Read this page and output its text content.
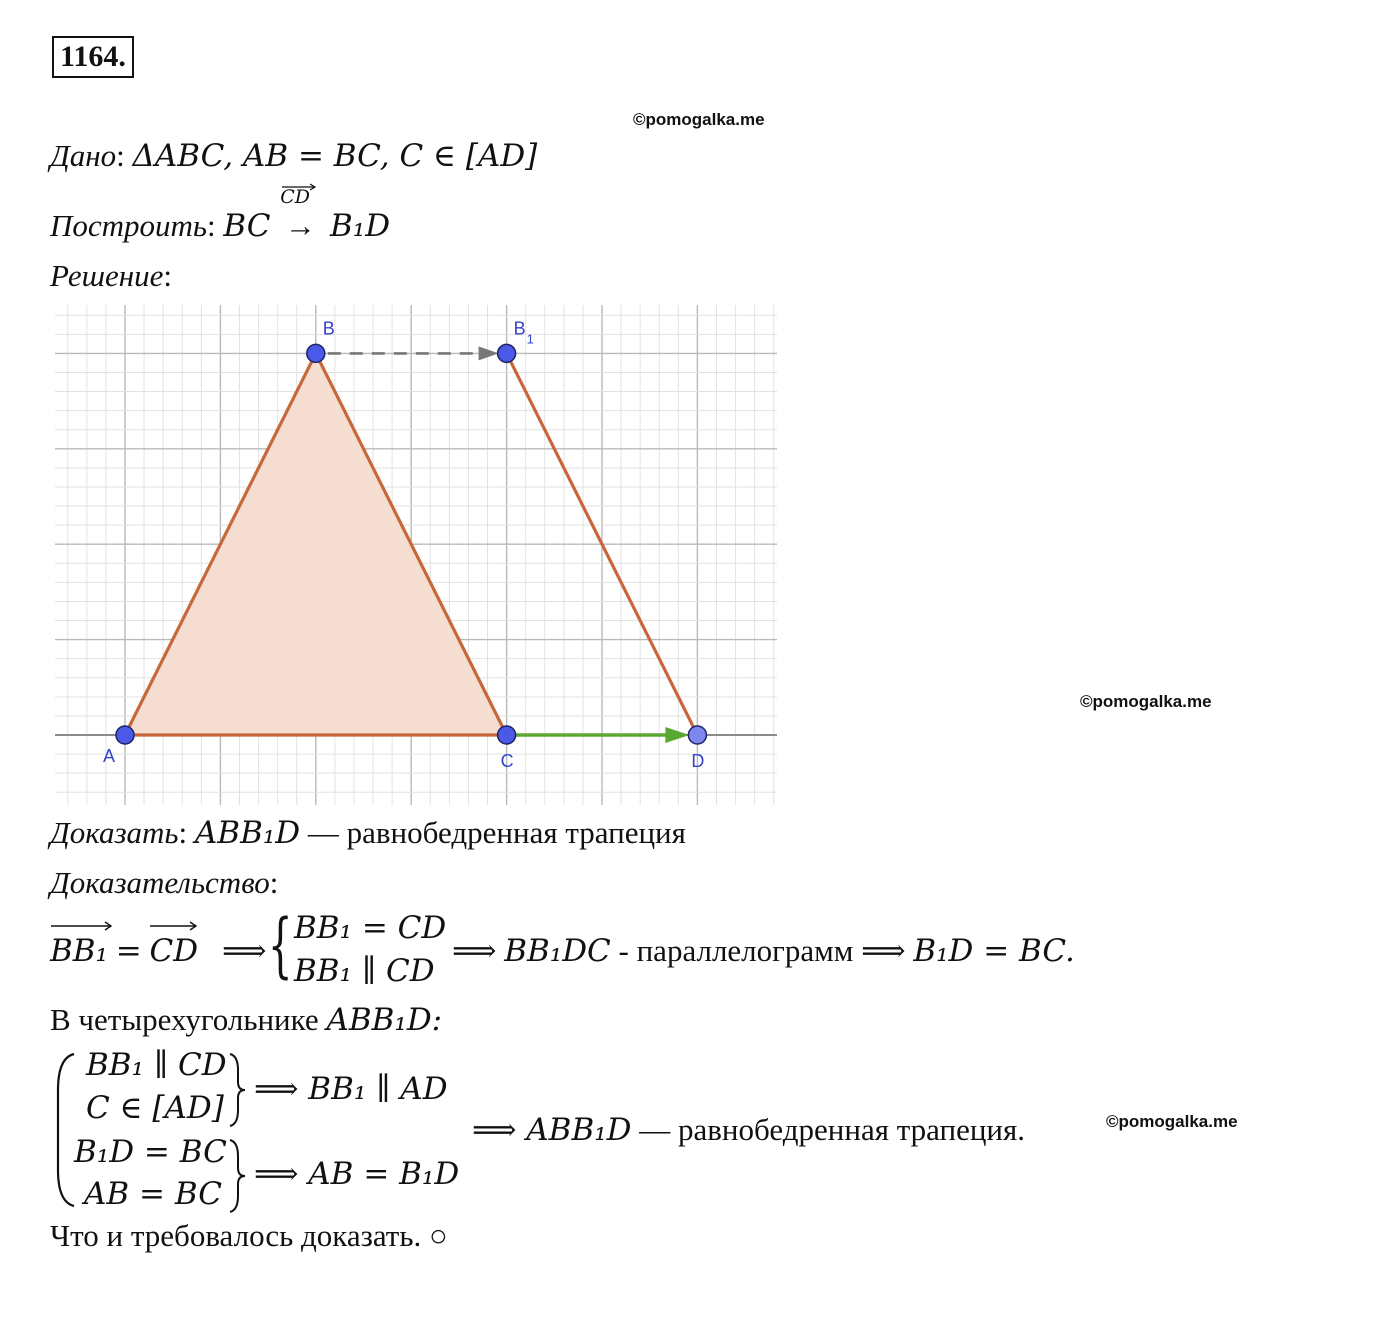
1164.
©pomogalka.me
©pomogalka.me
©pomogalka.me
Дано: ΔABC, AB = BC, C ∈ [AD]
Построить: BC
CD
→ B₁D
Решение:
A
B	B
1
C	D
Доказать: ABB₁D — равнобедренная трапеция
Доказательство:
BB₁ = CD ⟹ { BB₁ = CD
BB₁ ∥ CD
⟹ BB₁DC - параллелограмм ⟹ B₁D = BC.
В четырехугольнике ABB₁D:
BB₁ ∥ CD
C ∈ [AD]
⟹ BB₁ ∥ AD
B₁D = BC
AB = BC
⟹ AB = B₁D
⟹ ABB₁D — равнобедренная трапеция.
Что и требовалось доказать. ○
